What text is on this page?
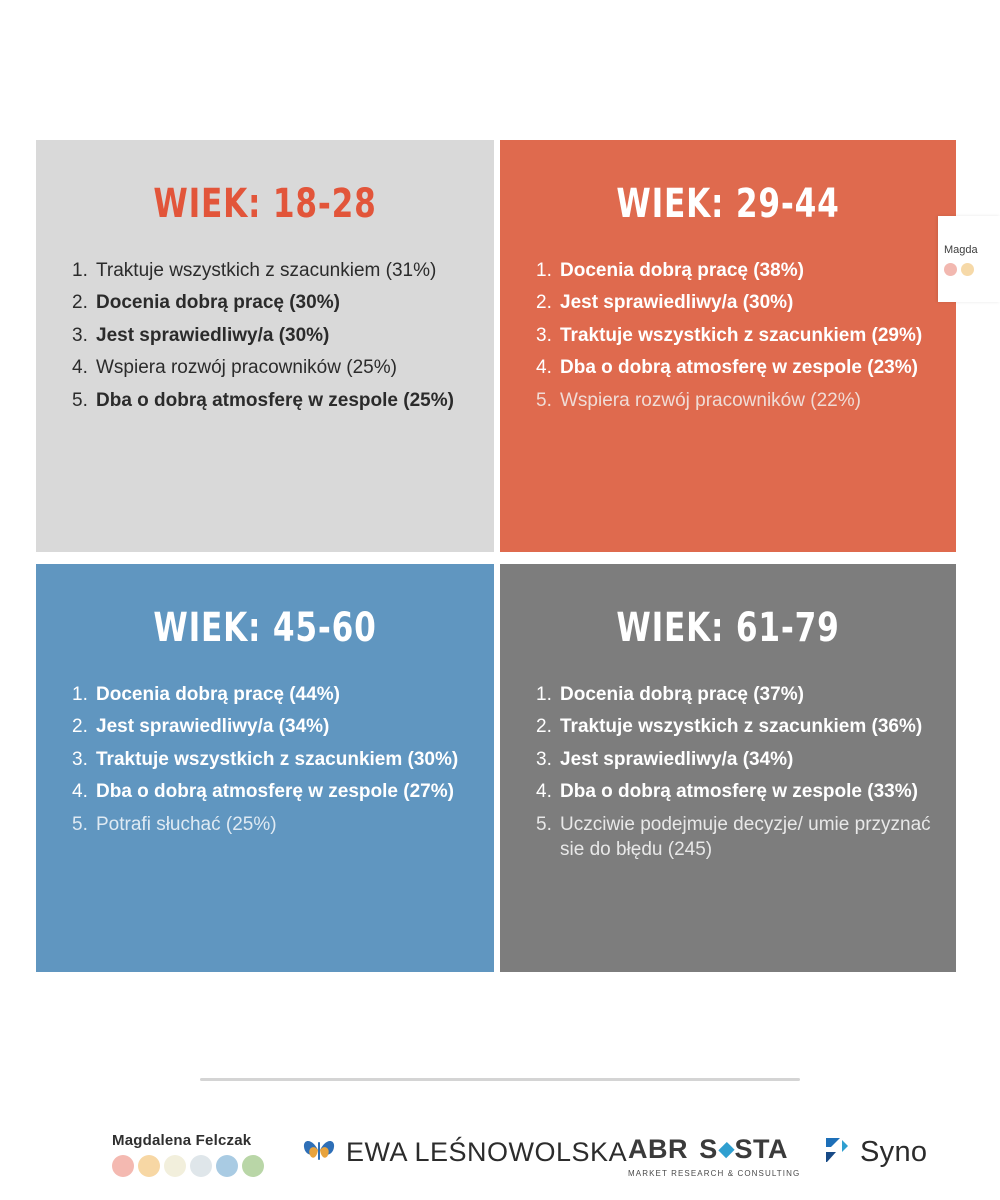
WIEK: 18-28
1. Traktuje wszystkich z szacunkiem (31%)
2. Docenia dobrą pracę (30%)
3. Jest sprawiedliwy/a (30%)
4. Wspiera rozwój pracowników (25%)
5. Dba o dobrą atmosferę w zespole (25%)
WIEK: 29-44
1. Docenia dobrą pracę (38%)
2. Jest sprawiedliwy/a (30%)
3. Traktuje wszystkich z szacunkiem (29%)
4. Dba o dobrą atmosferę w zespole (23%)
5. Wspiera rozwój pracowników (22%)
WIEK: 45-60
1. Docenia dobrą pracę (44%)
2. Jest sprawiedliwy/a (34%)
3. Traktuje wszystkich z szacunkiem (30%)
4. Dba o dobrą atmosferę w zespole (27%)
5. Potrafi słuchać (25%)
WIEK: 61-79
1. Docenia dobrą pracę (37%)
2. Traktuje wszystkich z szacunkiem (36%)
3. Jest sprawiedliwy/a (34%)
4. Dba o dobrą atmosferę w zespole (33%)
5. Uczciwie podejmuje decyzje/ umie przyznać sie do błędu (245)
Magda
Magdalena Felczak	EWA LEŚNOWOLSKA ABR S STA
MARKET RESEARCH & CONSULTING
Syno
